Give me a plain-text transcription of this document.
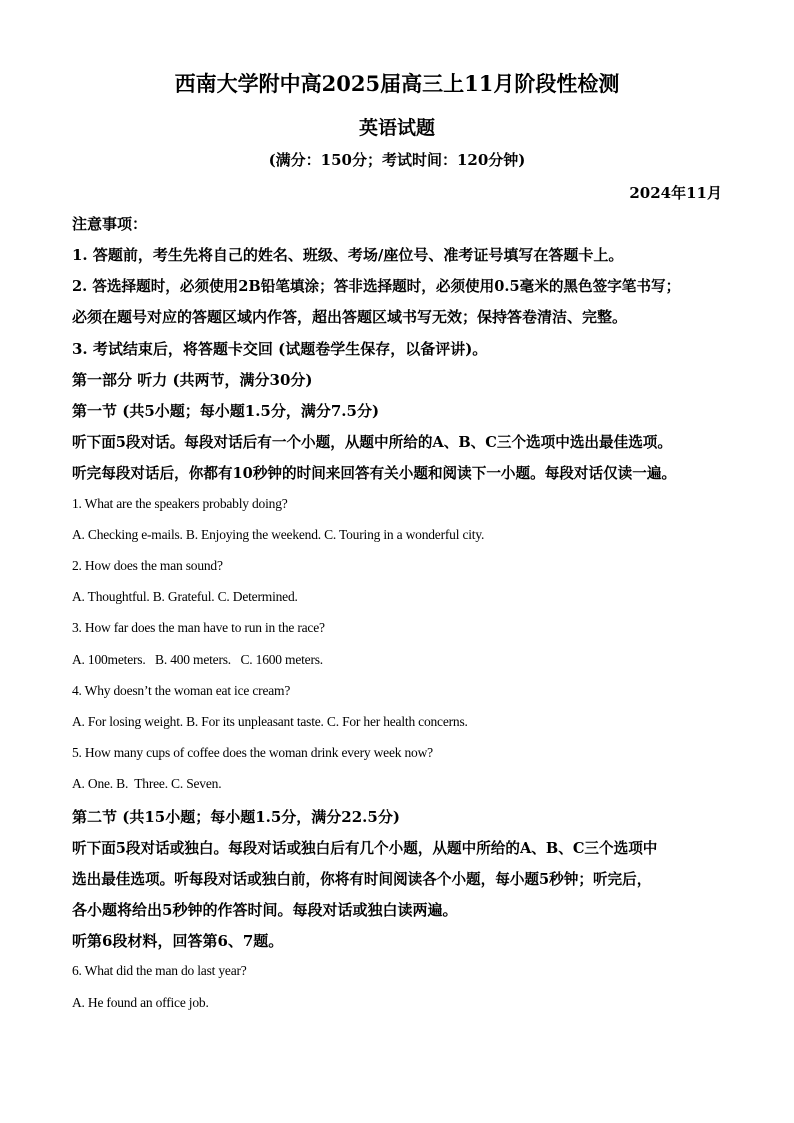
西南大学附中高2025届高三上11月阶段性检测
英语试题
(满分：150分；考试时间：120分钟)
2024年11月
注意事项：
1. 答题前，考生先将自己的姓名、班级、考场/座位号、准考证号填写在答题卡上。
2. 答选择题时，必须使用2B铅笔填涂；答非选择题时，必须使用0.5毫米的黑色签字笔书写；
必须在题号对应的答题区域内作答，超出答题区域书写无效；保持答卷清洁、完整。
3. 考试结束后，将答题卡交回 (试题卷学生保存，以备评讲)。
第一部分 听力 (共两节，满分30分)
第一节 (共5小题；每小题1.5分，满分7.5分)
听下面5段对话。每段对话后有一个小题，从题中所给的A、B、C三个选项中选出最佳选项。
听完每段对话后，你都有10秒钟的时间来回答有关小题和阅读下一小题。每段对话仅读一遍。
1. What are the speakers probably doing?
A. Checking e-mails. B. Enjoying the weekend. C. Touring in a wonderful city.
2. How does the man sound?
A. Thoughtful. B. Grateful. C. Determined.
3. How far does the man have to run in the race?
A. 100meters.   B. 400 meters.   C. 1600 meters.
4. Why doesn’t the woman eat ice cream?
A. For losing weight. B. For its unpleasant taste. C. For her health concerns.
5. How many cups of coffee does the woman drink every week now?
A. One. B.  Three. C. Seven.
第二节 (共15小题；每小题1.5分，满分22.5分)
听下面5段对话或独白。每段对话或独白后有几个小题，从题中所给的A、B、C三个选项中
选出最佳选项。听每段对话或独白前，你将有时间阅读各个小题，每小题5秒钟；听完后，
各小题将给出5秒钟的作答时间。每段对话或独白读两遍。
听第6段材料，回答第6、7题。
6. What did the man do last year?
A. He found an office job.
